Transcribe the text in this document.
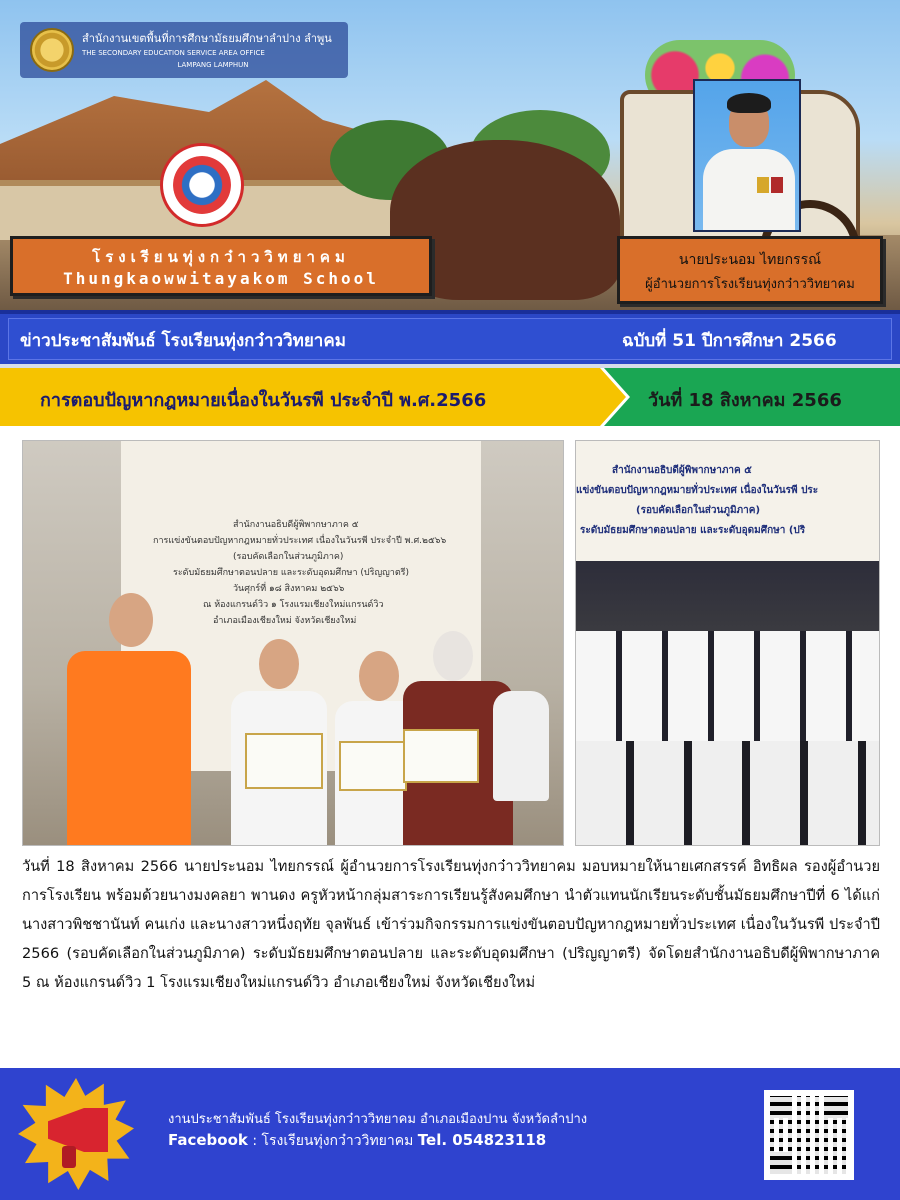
สำนักงานเขตพื้นที่การศึกษามัธยมศึกษาลำปาง ลำพูน
THE SECONDARY EDUCATION SERVICE AREA OFFICE
LAMPANG LAMPHUN
โรงเรียนทุ่งกว๋าววิทยาคม
Thungkaowwitayakom School
นายประนอม ไทยกรรณ์
ผู้อำนวยการโรงเรียนทุ่งกว๋าววิทยาคม
ข่าวประชาสัมพันธ์ โรงเรียนทุ่งกว๋าววิทยาคม	ฉบับที่ 51 ปีการศึกษา 2566
การตอบปัญหากฎหมายเนื่องในวันรพี ประจำปี พ.ศ.2566	วันที่ 18 สิงหาคม 2566
สำนักงานอธิบดีผู้พิพากษาภาค ๕
การแข่งขันตอบปัญหากฎหมายทั่วประเทศ เนื่องในวันรพี ประจำปี พ.ศ.๒๕๖๖
(รอบคัดเลือกในส่วนภูมิภาค)
ระดับมัธยมศึกษาตอนปลาย และระดับอุดมศึกษา (ปริญญาตรี)
วันศุกร์ที่ ๑๘ สิงหาคม ๒๕๖๖
ณ ห้องแกรนด์วิว ๑ โรงแรมเชียงใหม่แกรนด์วิว
อำเภอเมืองเชียงใหม่ จังหวัดเชียงใหม่
สำนักงานอธิบดีผู้พิพากษาภาค ๕
แข่งขันตอบปัญหากฎหมายทั่วประเทศ เนื่องในวันรพี ประ
(รอบคัดเลือกในส่วนภูมิภาค)
ระดับมัธยมศึกษาตอนปลาย และระดับอุดมศึกษา (ปริ
วันที่ 18 สิงหาคม 2566 นายประนอม ไทยกรรณ์ ผู้อำนวยการโรงเรียนทุ่งกว๋าววิทยาคม มอบหมายให้นายเศกสรรค์ อิทธิผล รองผู้อำนวยการโรงเรียน พร้อมด้วยนางมงคลยา พานดง ครูหัวหน้ากลุ่มสาระการเรียนรู้สังคมศึกษา นำตัวแทนนักเรียนระดับชั้นมัธยมศึกษาปีที่ 6 ได้แก่ นางสาวพิชชานันท์ คนเก่ง และนางสาวหนึ่งฤทัย จุลพันธ์ เข้าร่วมกิจกรรมการแข่งขันตอบปัญหากฎหมายทั่วประเทศ เนื่องในวันรพี ประจำปี 2566 (รอบคัดเลือกในส่วนภูมิภาค) ระดับมัธยมศึกษาตอนปลาย และระดับอุดมศึกษา (ปริญญาตรี) จัดโดยสำนักงานอธิบดีผู้พิพากษาภาค 5 ณ ห้องแกรนด์วิว 1 โรงแรมเชียงใหม่แกรนด์วิว อำเภอเชียงใหม่ จังหวัดเชียงใหม่
งานประชาสัมพันธ์ โรงเรียนทุ่งกว๋าววิทยาคม อำเภอเมืองปาน จังหวัดลำปาง
Facebook : โรงเรียนทุ่งกว๋าววิทยาคม Tel. 054823118
